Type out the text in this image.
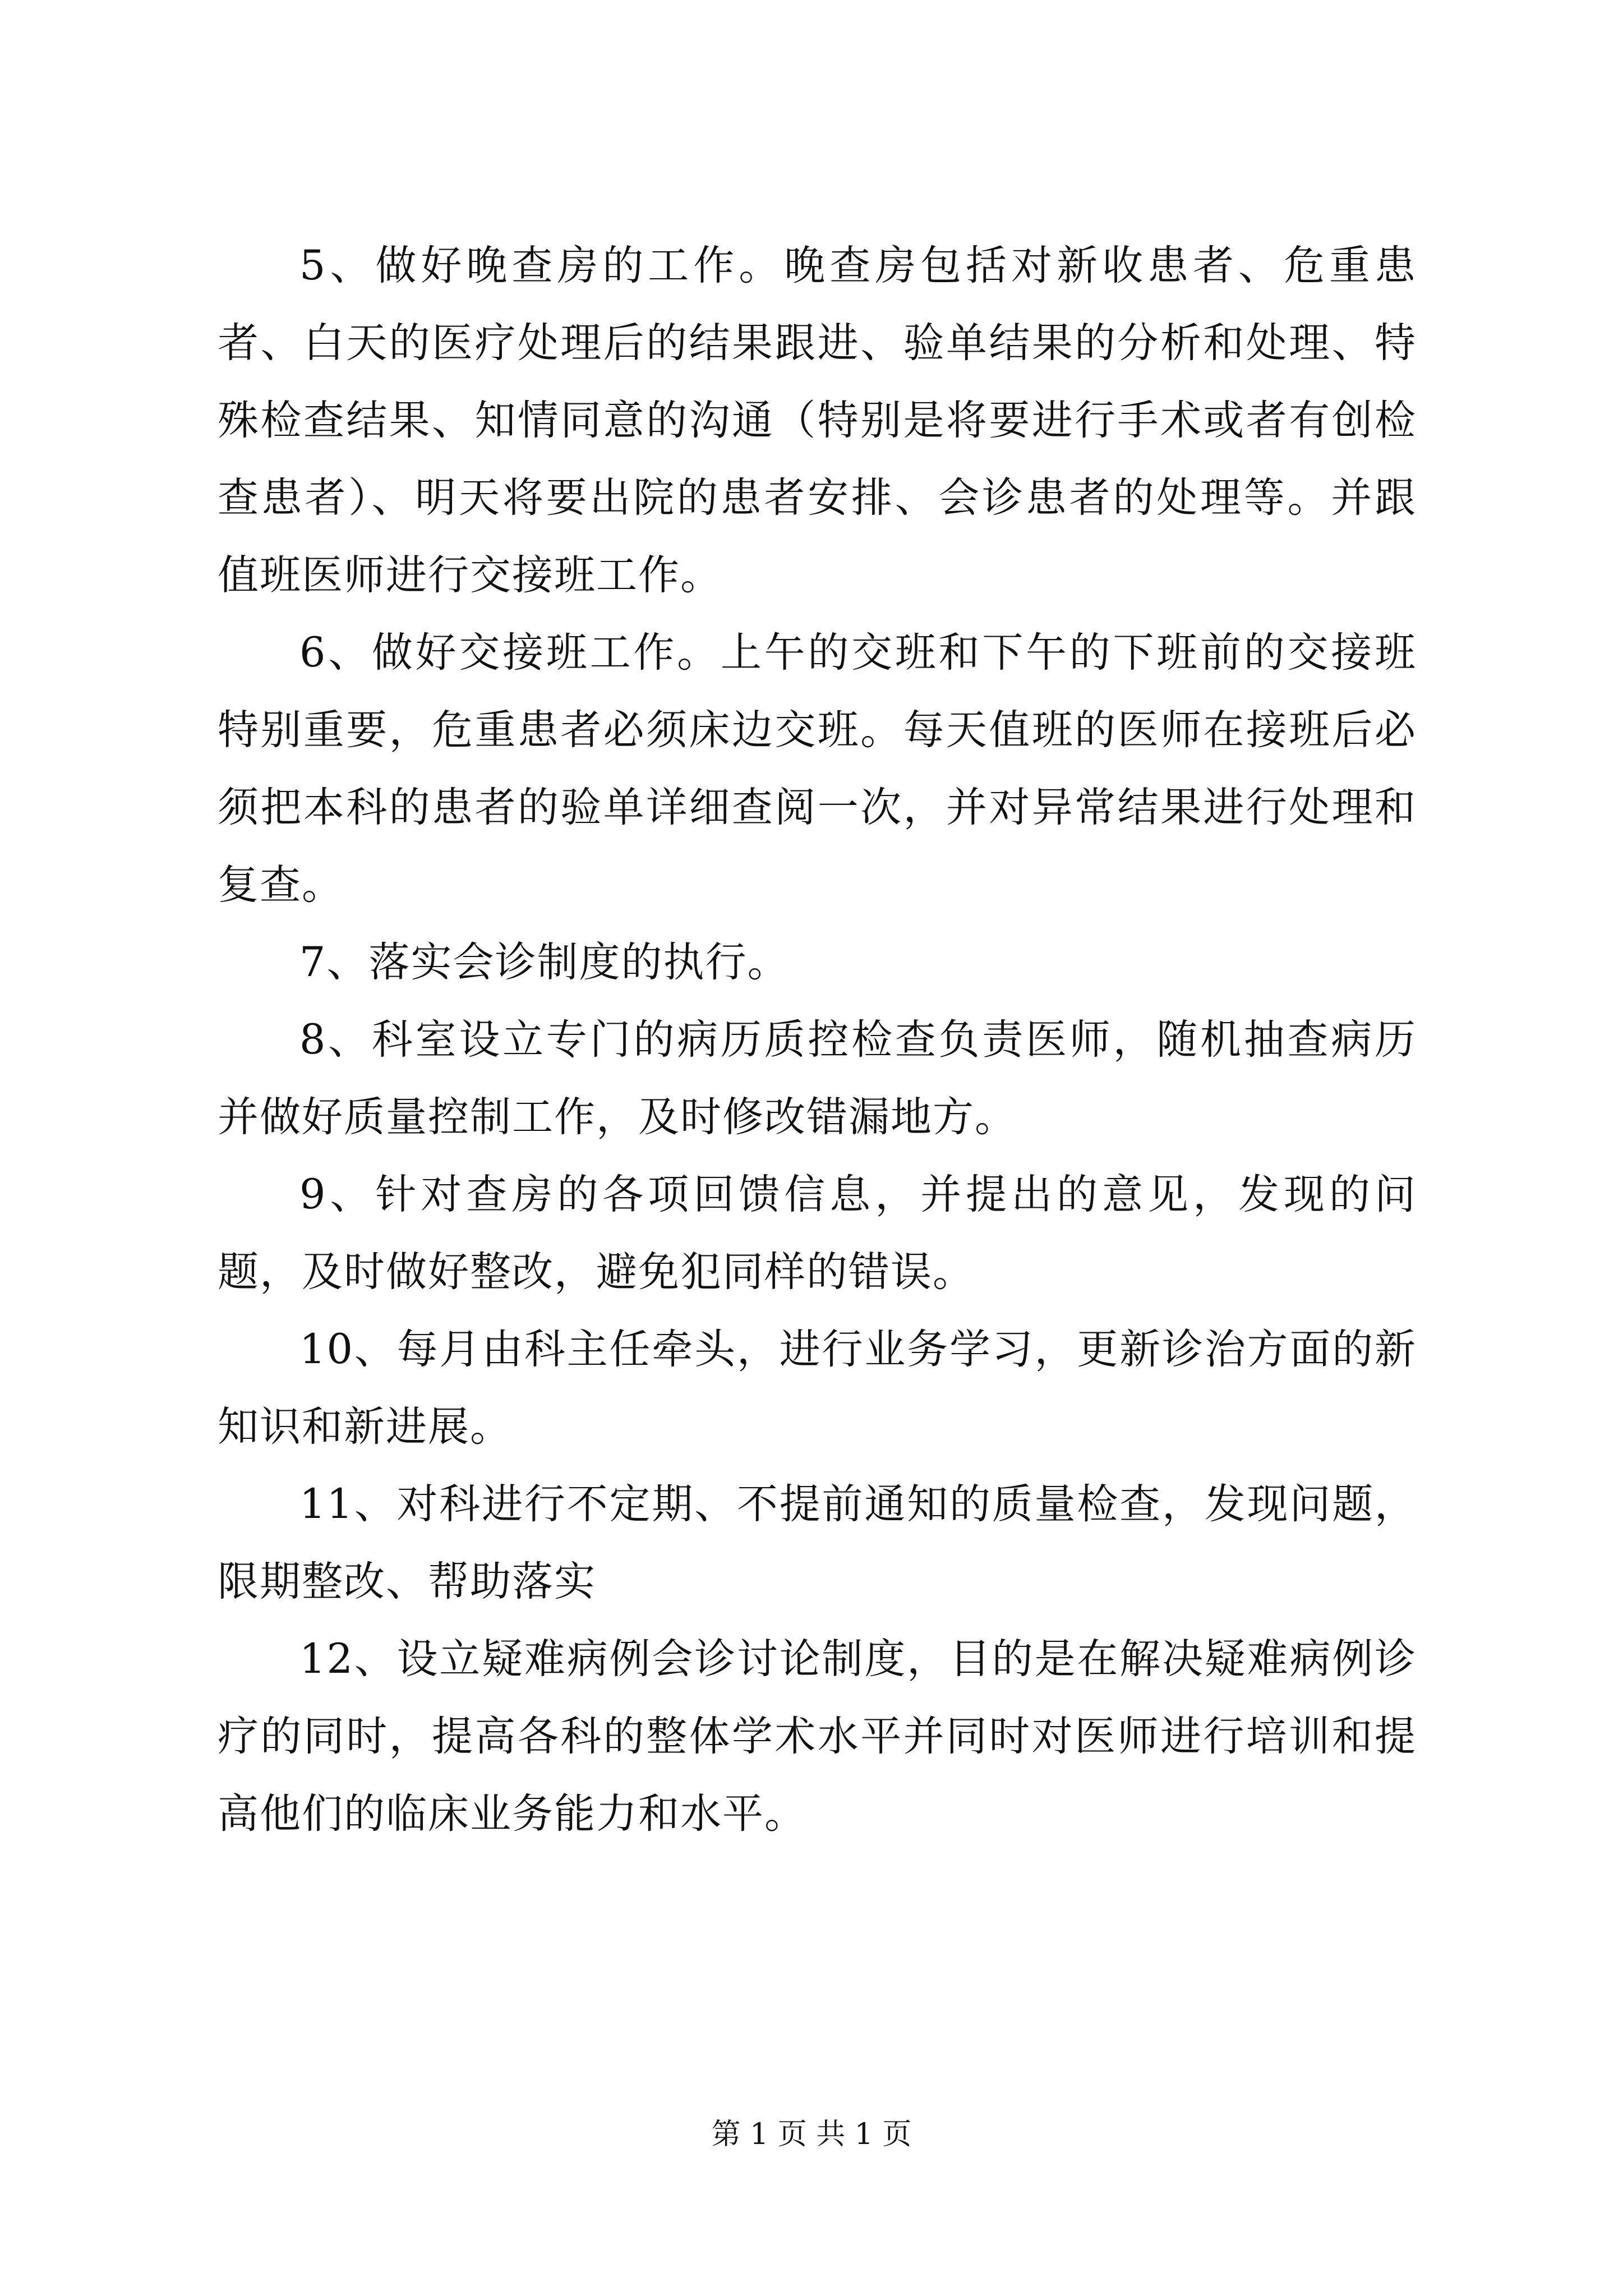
5、做好晚查房的工作。晚查房包括对新收患者、危重患者、白天的医疗处理后的结果跟进、验单结果的分析和处理、特殊检查结果、知情同意的沟通（特别是将要进行手术或者有创检查患者）、明天将要出院的患者安排、会诊患者的处理等。并跟值班医师进行交接班工作。

6、做好交接班工作。上午的交班和下午的下班前的交接班特别重要，危重患者必须床边交班。每天值班的医师在接班后必须把本科的患者的验单详细查阅一次，并对异常结果进行处理和复查。

7、落实会诊制度的执行。

8、科室设立专门的病历质控检查负责医师，随机抽查病历并做好质量控制工作，及时修改错漏地方。

9、针对查房的各项回馈信息，并提出的意见，发现的问题，及时做好整改，避免犯同样的错误。

10、每月由科主任牵头，进行业务学习，更新诊治方面的新知识和新进展。

11、对科进行不定期、不提前通知的质量检查，发现问题，限期整改、帮助落实

12、设立疑难病例会诊讨论制度，目的是在解决疑难病例诊疗的同时，提高各科的整体学术水平并同时对医师进行培训和提高他们的临床业务能力和水平。

第 1 页 共 1 页
